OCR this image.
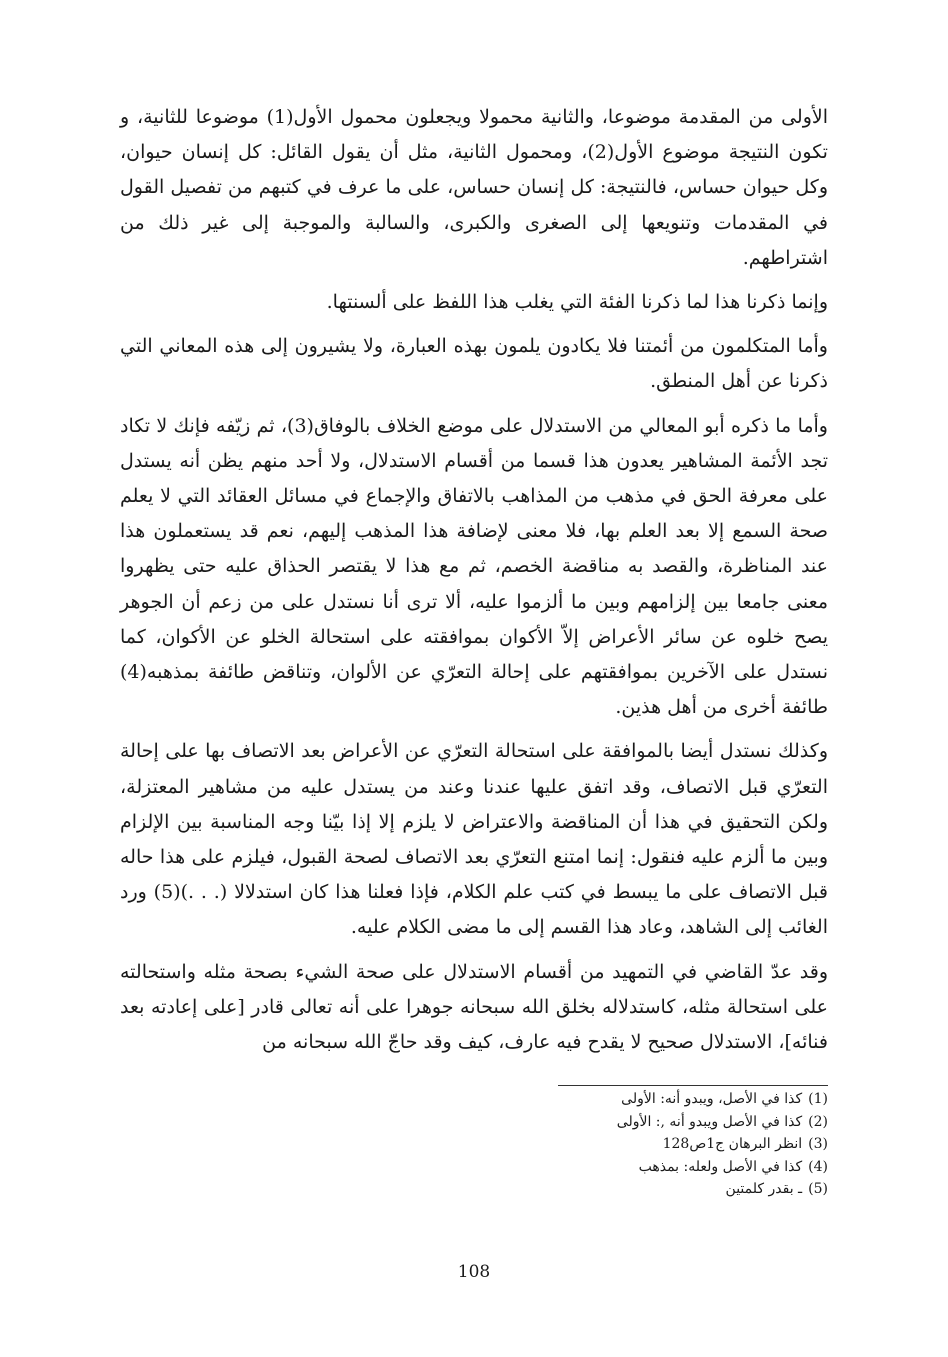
الأولى من المقدمة موضوعا، والثانية محمولا ويجعلون محمول الأول(1) موضوعا للثانية، و تكون النتيجة موضوع الأول(2)، ومحمول الثانية، مثل أن يقول القائل: كل إنسان حيوان، وكل حيوان حساس، فالنتيجة: كل إنسان حساس، على ما عرف في كتبهم من تفصيل القول في المقدمات وتنويعها إلى الصغرى والكبرى، والسالبة والموجبة إلى غير ذلك من اشتراطهم.

وإنما ذكرنا هذا لما ذكرنا الفئة التي يغلب هذا اللفظ على ألسنتها.

وأما المتكلمون من أئمتنا فلا يكادون يلمون بهذه العبارة، ولا يشيرون إلى هذه المعاني التي ذكرنا عن أهل المنطق.

وأما ما ذكره أبو المعالي من الاستدلال على موضع الخلاف بالوفاق(3)، ثم زيّفه فإنك لا تكاد تجد الأئمة المشاهير يعدون هذا قسما من أقسام الاستدلال، ولا أحد منهم يظن أنه يستدل على معرفة الحق في مذهب من المذاهب بالاتفاق والإجماع في مسائل العقائد التي لا يعلم صحة السمع إلا بعد العلم بها، فلا معنى لإضافة هذا المذهب إليهم، نعم قد يستعملون هذا عند المناظرة، والقصد به مناقضة الخصم، ثم مع هذا لا يقتصر الحذاق عليه حتى يظهروا معنى جامعا بين إلزامهم وبين ما ألزموا عليه، ألا ترى أنا نستدل على من زعم أن الجوهر يصح خلوه عن سائر الأعراض إلاّ الأكوان بموافقته على استحالة الخلو عن الأكوان، كما نستدل على الآخرين بموافقتهم على إحالة التعرّي عن الألوان، وتناقض طائفة بمذهبه(4) طائفة أخرى من أهل هذين.

وكذلك نستدل أيضا بالموافقة على استحالة التعرّي عن الأعراض بعد الاتصاف بها على إحالة التعرّي قبل الاتصاف، وقد اتفق عليها عندنا وعند من يستدل عليه من مشاهير المعتزلة، ولكن التحقيق في هذا أن المناقضة والاعتراض لا يلزم إلا إذا بيّنا وجه المناسبة بين الإلزام وبين ما ألزم عليه فنقول: إنما امتنع التعرّي بعد الاتصاف لصحة القبول، فيلزم على هذا حاله قبل الاتصاف على ما يبسط في كتب علم الكلام، فإذا فعلنا هذا كان استدلالا (. . .)(5) ورد الغائب إلى الشاهد، وعاد هذا القسم إلى ما مضى الكلام عليه.

وقد عدّ القاضي في التمهيد من أقسام الاستدلال على صحة الشيء بصحة مثله واستحالته على استحالة مثله، كاستدلاله بخلق الله سبحانه جوهرا على أنه تعالى قادر [على إعادته بعد فنائه]، الاستدلال صحيح لا يقدح فيه عارف، كيف وقد حاجّ الله سبحانه من

(1)كذا في الأصل، ويبدو أنه: الأولى
(2)كذا في الأصل ويبدو أنه ,: الأولى
(3)انظر البرهان ج1ص128
(4)كذا في الأصل ولعله: بمذهب
(5)ـ بقدر كلمتين
108
